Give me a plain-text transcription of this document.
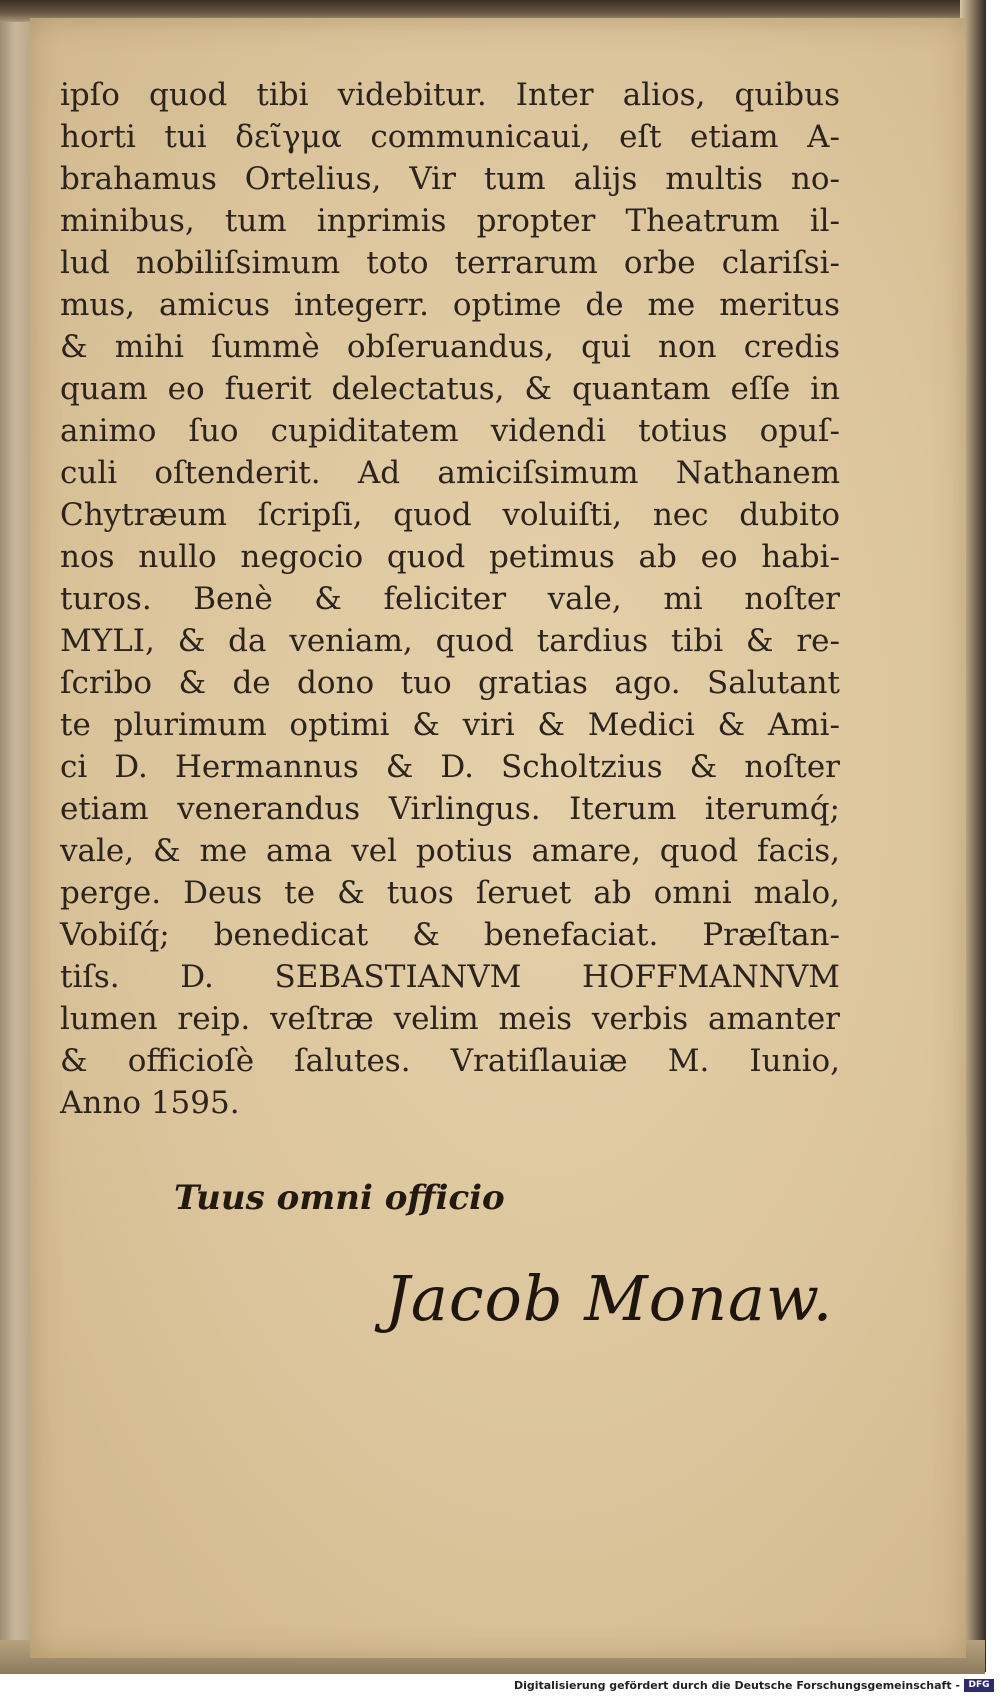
ipſo quod tibi videbitur. Inter alios, quibus
horti tui δεῖγμα communicaui, eſt etiam A-
brahamus Ortelius, Vir tum alijs multis no-
minibus, tum inprimis propter Theatrum il-
lud nobiliſsimum toto terrarum orbe clariſsi-
mus, amicus integerr. optime de me meritus
& mihi ſummè obſeruandus, qui non credis
quam eo fuerit delectatus, & quantam eſſe in
animo ſuo cupiditatem videndi totius opuſ-
culi oſtenderit. Ad amiciſsimum Nathanem
Chytræum ſcripſi, quod voluiſti, nec dubito
nos nullo negocio quod petimus ab eo habi-
turos. Benè & feliciter vale, mi noſter
MYLI, & da veniam, quod tardius tibi & re-
ſcribo & de dono tuo gratias ago. Salutant
te plurimum optimi & viri & Medici & Ami-
ci D. Hermannus & D. Scholtzius & noſter
etiam venerandus Virlingus. Iterum iterumq́;
vale, & me ama vel potius amare, quod facis,
perge. Deus te & tuos ſeruet ab omni malo,
Vobiſq́; benedicat & benefaciat. Præſtan-
tiſs. D. SEBASTIANVM HOFFMANNVM
lumen reip. veſtræ velim meis verbis amanter
& officioſè ſalutes. Vratiſlauiæ M. Iunio,
Anno 1595.
Tuus omni officio
Jacob Monaw.
Digitalisierung gefördert durch die Deutsche Forschungsgemeinschaft - DFG
